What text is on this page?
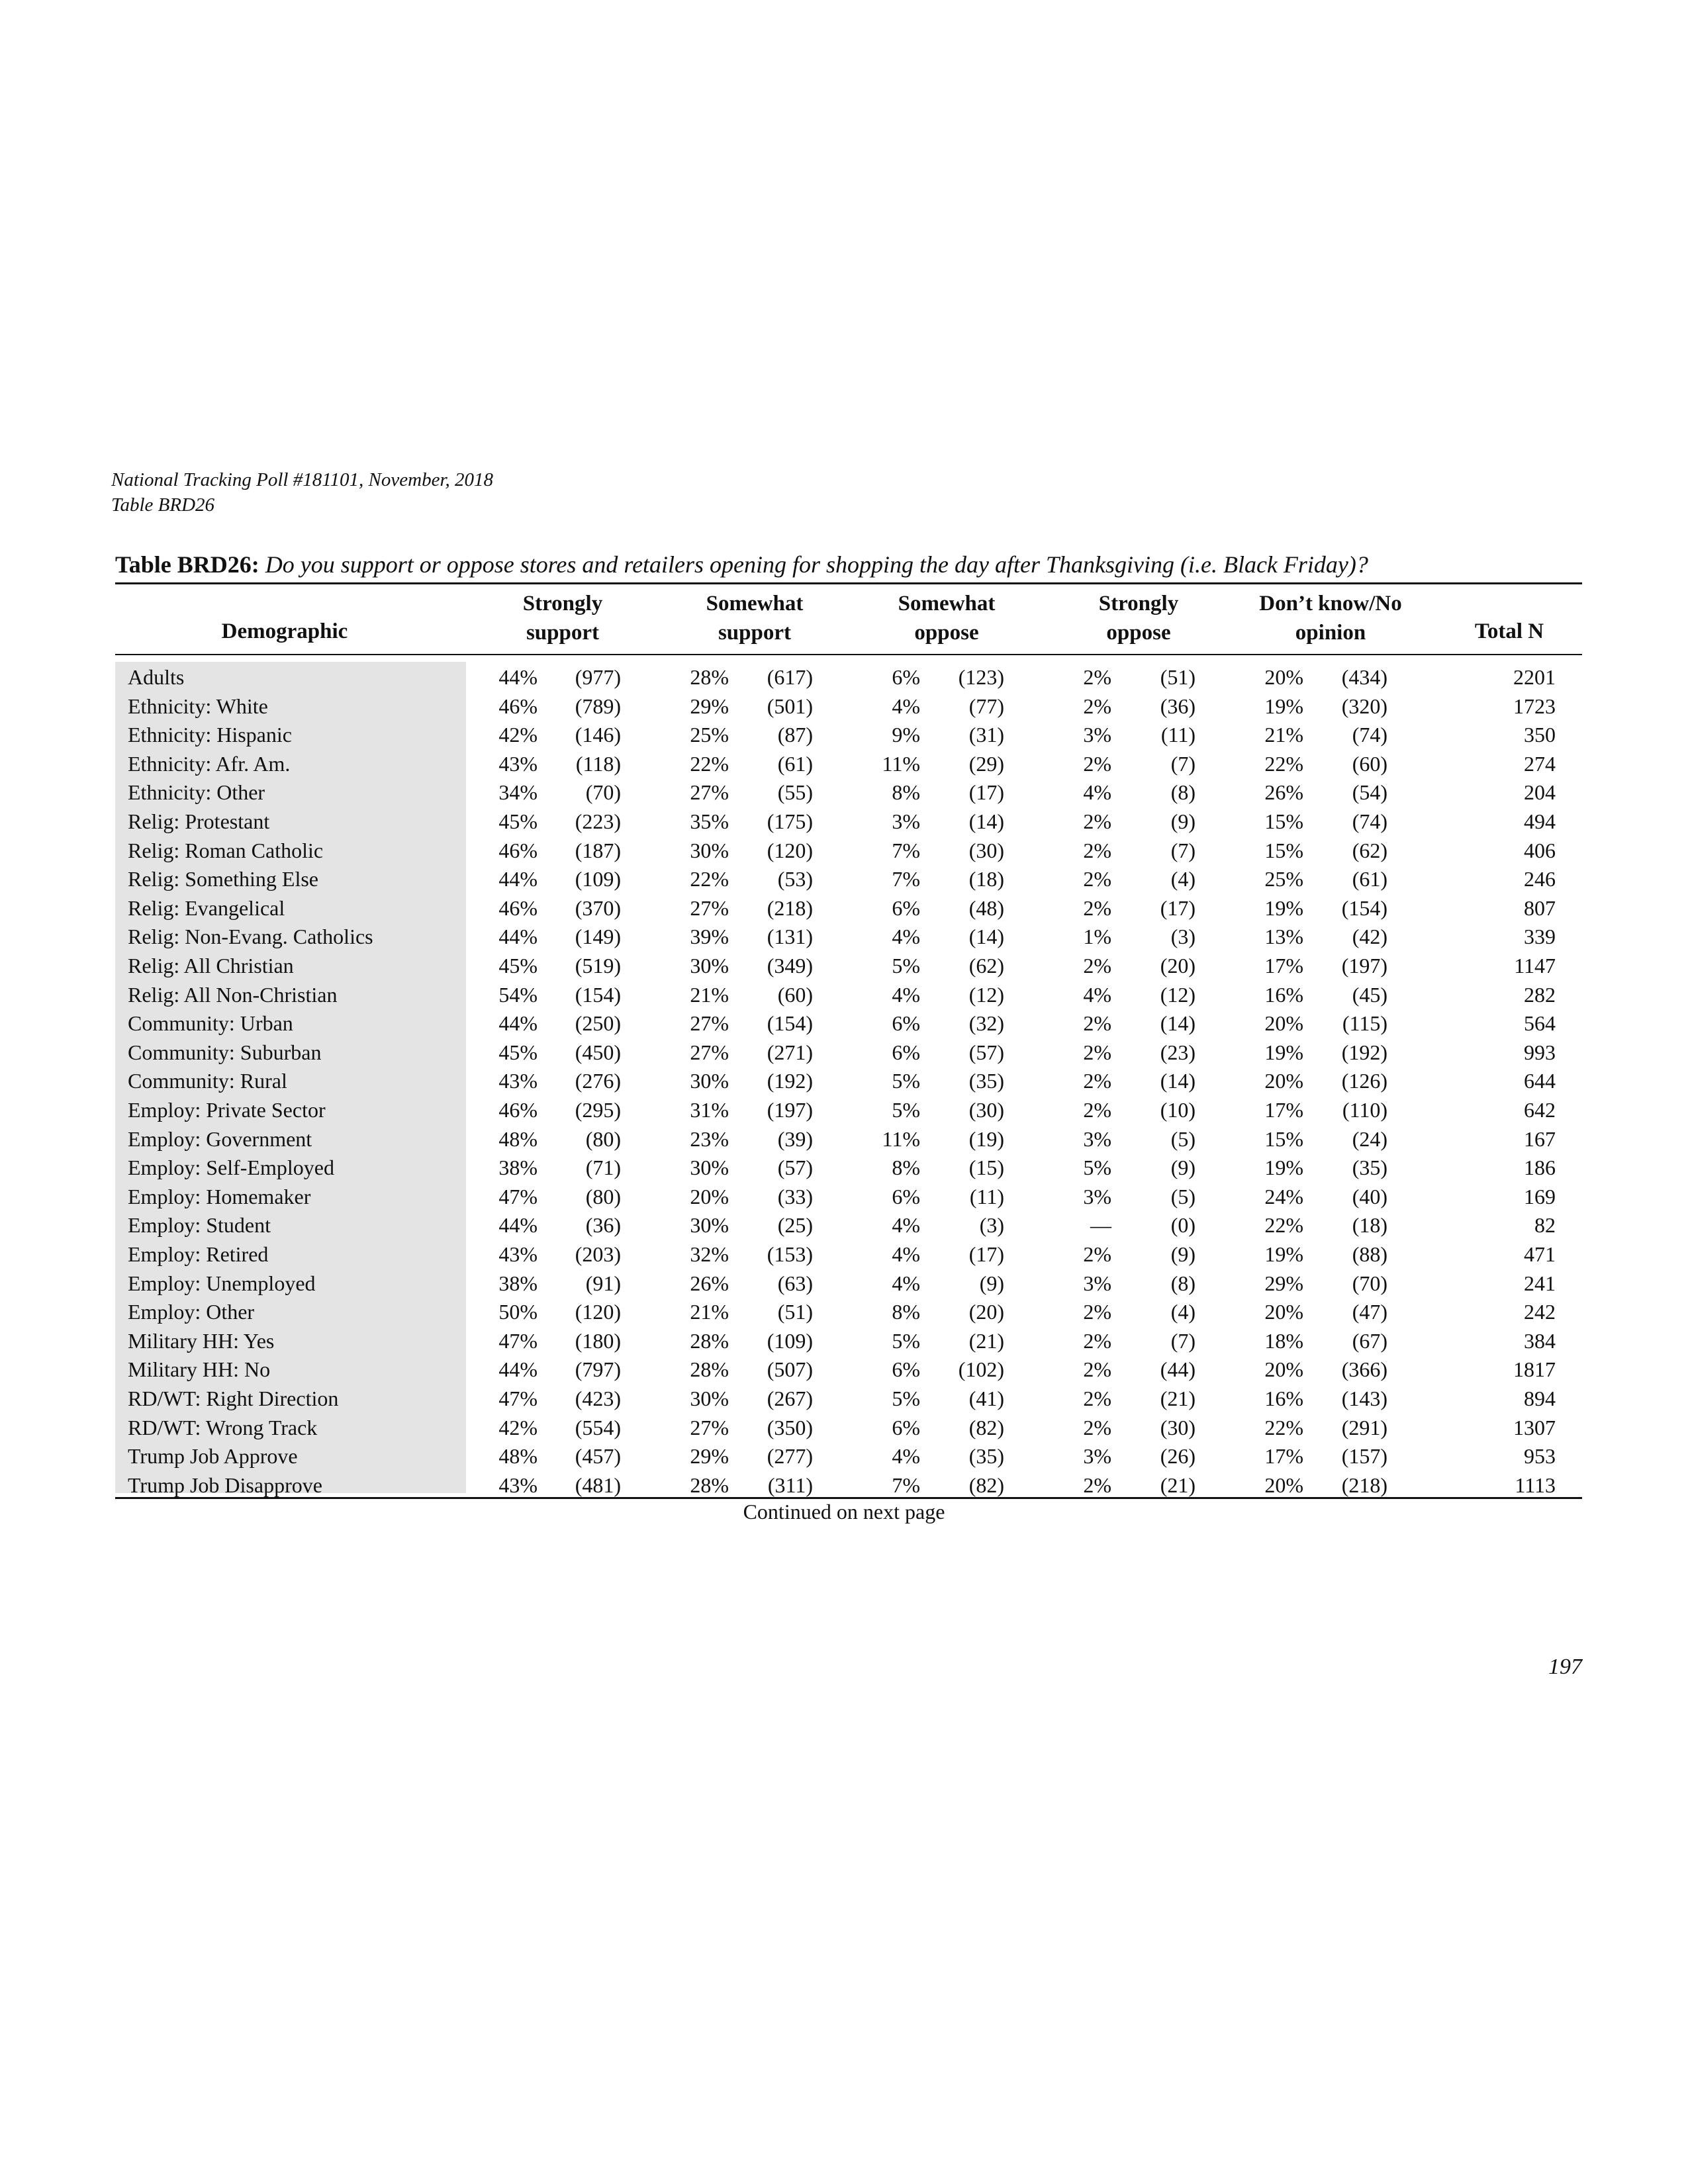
National Tracking Poll #181101, November, 2018
Table BRD26
Table BRD26: Do you support or oppose stores and retailers opening for shopping the day after Thanksgiving (i.e. Black Friday)?
Demographic
Strongly
support
Somewhat
support
Somewhat
oppose
Strongly
oppose
Don’t know/No
opinion	Total N
Adults	44%	(977)	28%	(617)	6%	(123)	2%	(51)	20%	(434)	2201
Ethnicity: White	46%	(789)	29%	(501)	4%	(77)	2%	(36)	19%	(320)	1723
Ethnicity: Hispanic	42%	(146)	25%	(87)	9%	(31)	3%	(11)	21%	(74)	350
Ethnicity: Afr. Am.	43%	(118)	22%	(61)	11%	(29)	2%	(7)	22%	(60)	274
Ethnicity: Other	34%	(70)	27%	(55)	8%	(17)	4%	(8)	26%	(54)	204
Relig: Protestant	45%	(223)	35%	(175)	3%	(14)	2%	(9)	15%	(74)	494
Relig: Roman Catholic	46%	(187)	30%	(120)	7%	(30)	2%	(7)	15%	(62)	406
Relig: Something Else	44%	(109)	22%	(53)	7%	(18)	2%	(4)	25%	(61)	246
Relig: Evangelical	46%	(370)	27%	(218)	6%	(48)	2%	(17)	19%	(154)	807
Relig: Non-Evang. Catholics	44%	(149)	39%	(131)	4%	(14)	1%	(3)	13%	(42)	339
Relig: All Christian	45%	(519)	30%	(349)	5%	(62)	2%	(20)	17%	(197)	1147
Relig: All Non-Christian	54%	(154)	21%	(60)	4%	(12)	4%	(12)	16%	(45)	282
Community: Urban	44%	(250)	27%	(154)	6%	(32)	2%	(14)	20%	(115)	564
Community: Suburban	45%	(450)	27%	(271)	6%	(57)	2%	(23)	19%	(192)	993
Community: Rural	43%	(276)	30%	(192)	5%	(35)	2%	(14)	20%	(126)	644
Employ: Private Sector	46%	(295)	31%	(197)	5%	(30)	2%	(10)	17%	(110)	642
Employ: Government	48%	(80)	23%	(39)	11%	(19)	3%	(5)	15%	(24)	167
Employ: Self-Employed	38%	(71)	30%	(57)	8%	(15)	5%	(9)	19%	(35)	186
Employ: Homemaker	47%	(80)	20%	(33)	6%	(11)	3%	(5)	24%	(40)	169
Employ: Student	44%	(36)	30%	(25)	4%	(3)	—	(0)	22%	(18)	82
Employ: Retired	43%	(203)	32%	(153)	4%	(17)	2%	(9)	19%	(88)	471
Employ: Unemployed	38%	(91)	26%	(63)	4%	(9)	3%	(8)	29%	(70)	241
Employ: Other	50%	(120)	21%	(51)	8%	(20)	2%	(4)	20%	(47)	242
Military HH: Yes	47%	(180)	28%	(109)	5%	(21)	2%	(7)	18%	(67)	384
Military HH: No	44%	(797)	28%	(507)	6%	(102)	2%	(44)	20%	(366)	1817
RD/WT: Right Direction	47%	(423)	30%	(267)	5%	(41)	2%	(21)	16%	(143)	894
RD/WT: Wrong Track	42%	(554)	27%	(350)	6%	(82)	2%	(30)	22%	(291)	1307
Trump Job Approve	48%	(457)	29%	(277)	4%	(35)	3%	(26)	17%	(157)	953
Trump Job Disapprove	43%	(481)	28%	(311)	7%	(82)	2%	(21)	20%	(218)	1113
Continued on next page
197
